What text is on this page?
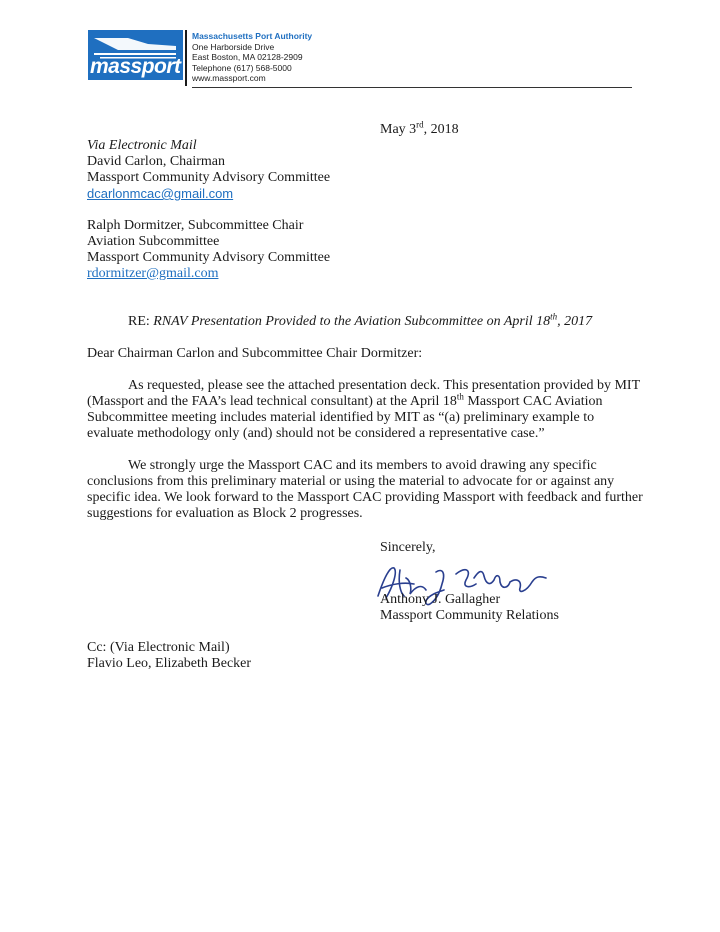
massport
Massachusetts Port Authority
One Harborside Drive
East Boston, MA 02128-2909
Telephone (617) 568-5000
www.massport.com
May 3rd, 2018
Via Electronic Mail
David Carlon, Chairman
Massport Community Advisory Committee
dcarlonmcac@gmail.com
Ralph Dormitzer, Subcommittee Chair
Aviation Subcommittee
Massport Community Advisory Committee
rdormitzer@gmail.com
RE: RNAV Presentation Provided to the Aviation Subcommittee on April 18th, 2017
Dear Chairman Carlon and Subcommittee Chair Dormitzer:
As requested, please see the attached presentation deck. This presentation provided by MIT (Massport and the FAA’s lead technical consultant) at the April 18th Massport CAC Aviation Subcommittee meeting includes material identified by MIT as “(a) preliminary example to evaluate methodology only (and) should not be considered a representative case.”
We strongly urge the Massport CAC and its members to avoid drawing any specific conclusions from this preliminary material or using the material to advocate for or against any specific idea. We look forward to the Massport CAC providing Massport with feedback and further suggestions for evaluation as Block 2 progresses.
Sincerely,
Anthony J. Gallagher
Massport Community Relations
Cc: (Via Electronic Mail)
Flavio Leo, Elizabeth Becker
